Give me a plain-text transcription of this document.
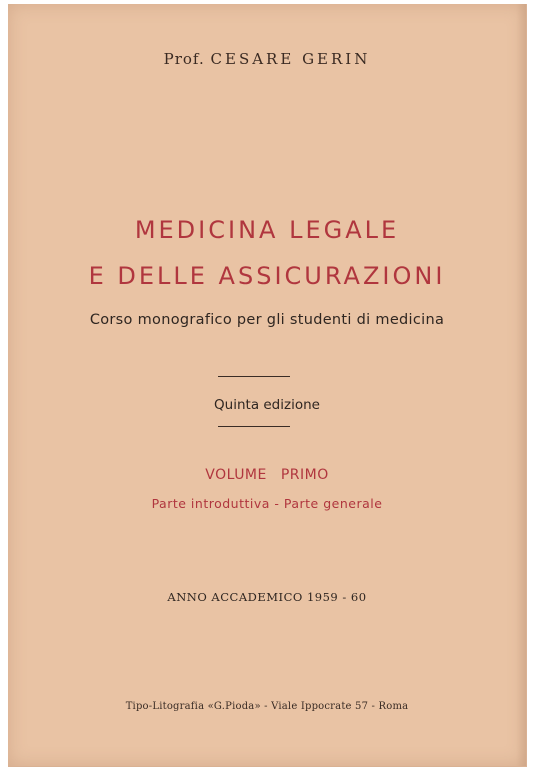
Prof. CESARE GERIN
MEDICINA LEGALE
E DELLE ASSICURAZIONI
Corso monografico per gli studenti di medicina
Quinta edizione
VOLUME PRIMO
Parte introduttiva - Parte generale
ANNO ACCADEMICO 1959 - 60
Tipo-Litografia «G.Pioda» - Viale Ippocrate 57 - Roma
